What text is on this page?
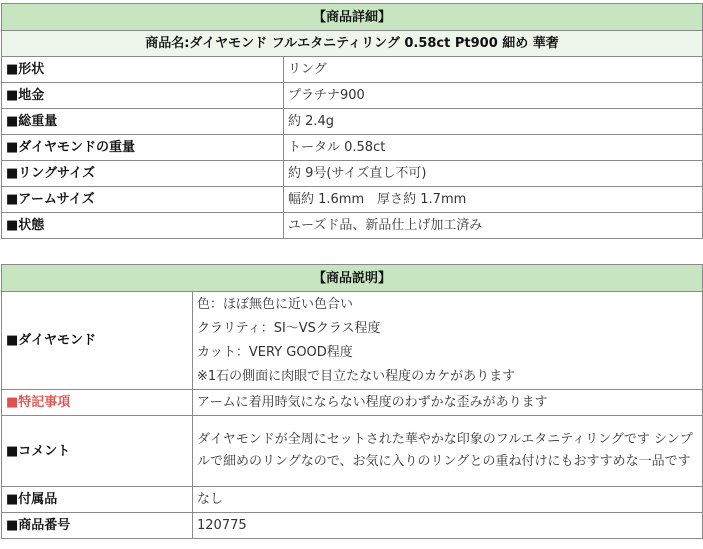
【商品詳細】	
商品名:ダイヤモンド フルエタニティリング 0.58ct Pt900 細め 華奢	
■形状	リング
■地金	プラチナ900
■総重量	約 2.4g
■ダイヤモンドの重量	トータル 0.58ct
■リングサイズ	約 9号(サイズ直し不可)
■アームサイズ	幅約 1.6mm　厚さ約 1.7mm
■状態	ユーズド品、新品仕上げ加工済み
【商品説明】	
■ダイヤモンド	色：ほぼ無色に近い色合い
クラリティ：SI～VSクラス程度
カット：VERY GOOD程度
※1石の側面に肉眼で目立たない程度のカケがあります

■特記事項	アームに着用時気にならない程度のわずかな歪みがあります
■コメント	ダイヤモンドが全周にセットされた華やかな印象のフルエタニティリングです シンプルで細めのリングなので、お気に入りのリングとの重ね付けにもおすすめな一品です
■付属品	なし
■商品番号	120775
